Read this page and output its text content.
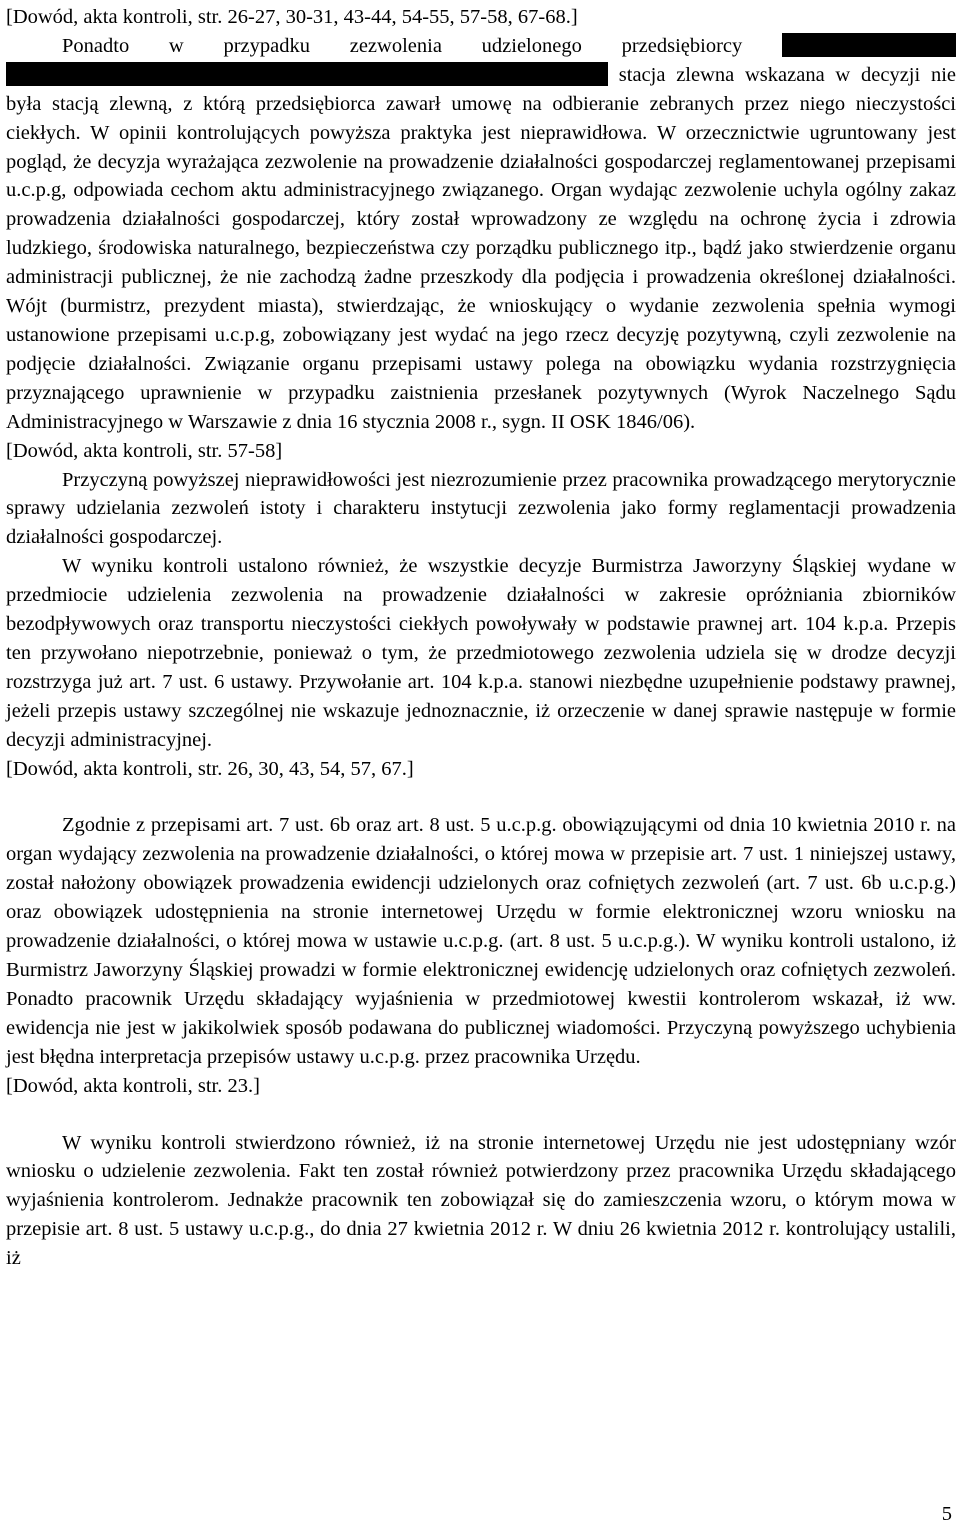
[Dowód, akta kontroli, str. 26-27, 30-31, 43-44, 54-55, 57-58, 67-68.]

Ponadto w przypadku zezwolenia udzielonego przedsiębiorcy   stacja zlewna wskazana w decyzji nie była stacją zlewną, z którą przedsiębiorca zawarł umowę na odbieranie zebranych przez niego nieczystości ciekłych. W opinii kontrolujących powyższa praktyka jest nieprawidłowa. W orzecznictwie ugruntowany jest pogląd, że decyzja wyrażająca zezwolenie na prowadzenie działalności gospodarczej reglamentowanej przepisami u.c.p.g, odpowiada cechom aktu administracyjnego związanego. Organ wydając zezwolenie uchyla ogólny zakaz prowadzenia działalności gospodarczej, który został wprowadzony ze względu na ochronę życia i zdrowia ludzkiego, środowiska naturalnego, bezpieczeństwa czy porządku publicznego itp., bądź jako stwierdzenie organu administracji publicznej, że nie zachodzą żadne przeszkody dla podjęcia i prowadzenia określonej działalności. Wójt (burmistrz, prezydent miasta), stwierdzając, że wnioskujący o wydanie zezwolenia spełnia wymogi ustanowione przepisami u.c.p.g, zobowiązany jest wydać na jego rzecz decyzję pozytywną, czyli zezwolenie na podjęcie działalności. Związanie organu przepisami ustawy polega na obowiązku wydania rozstrzygnięcia przyznającego uprawnienie w przypadku zaistnienia przesłanek pozytywnych (Wyrok Naczelnego Sądu Administracyjnego w Warszawie z dnia 16 stycznia 2008 r., sygn. II OSK 1846/06).

[Dowód, akta kontroli, str. 57-58]

Przyczyną powyższej nieprawidłowości jest niezrozumienie przez pracownika prowadzącego merytorycznie sprawy udzielania zezwoleń istoty i charakteru instytucji zezwolenia jako formy reglamentacji prowadzenia działalności gospodarczej.

W wyniku kontroli ustalono również, że wszystkie decyzje Burmistrza Jaworzyny Śląskiej wydane w przedmiocie udzielenia zezwolenia na prowadzenie działalności w zakresie opróżniania zbiorników bezodpływowych oraz transportu nieczystości ciekłych powoływały w podstawie prawnej art. 104 k.p.a. Przepis ten przywołano niepotrzebnie, ponieważ o tym, że przedmiotowego zezwolenia udziela się w drodze decyzji rozstrzyga już art. 7 ust. 6 ustawy. Przywołanie art. 104 k.p.a. stanowi niezbędne uzupełnienie podstawy prawnej, jeżeli przepis ustawy szczególnej nie wskazuje jednoznacznie, iż orzeczenie w danej sprawie następuje w formie decyzji administracyjnej.

[Dowód, akta kontroli, str. 26, 30, 43, 54, 57, 67.]

Zgodnie z przepisami art. 7 ust. 6b oraz art. 8 ust. 5 u.c.p.g. obowiązującymi od dnia 10 kwietnia 2010 r. na organ wydający zezwolenia na prowadzenie działalności, o której mowa w przepisie art. 7 ust. 1 niniejszej ustawy, został nałożony obowiązek prowadzenia ewidencji udzielonych oraz cofniętych zezwoleń (art. 7 ust. 6b u.c.p.g.) oraz obowiązek udostępnienia na stronie internetowej Urzędu w formie elektronicznej wzoru wniosku na prowadzenie działalności, o której mowa w ustawie u.c.p.g. (art. 8 ust. 5 u.c.p.g.). W wyniku kontroli ustalono, iż Burmistrz Jaworzyny Śląskiej prowadzi w formie elektronicznej ewidencję udzielonych oraz cofniętych zezwoleń. Ponadto pracownik Urzędu składający wyjaśnienia w przedmiotowej kwestii kontrolerom wskazał, iż ww. ewidencja nie jest w jakikolwiek sposób podawana do publicznej wiadomości. Przyczyną powyższego uchybienia jest błędna interpretacja przepisów ustawy u.c.p.g. przez pracownika Urzędu.

[Dowód, akta kontroli, str. 23.]

W wyniku kontroli stwierdzono również, iż na stronie internetowej Urzędu nie jest udostępniany wzór wniosku o udzielenie zezwolenia. Fakt ten został również potwierdzony przez pracownika Urzędu składającego wyjaśnienia kontrolerom. Jednakże pracownik ten zobowiązał się do zamieszczenia wzoru, o którym mowa w przepisie art. 8 ust. 5 ustawy u.c.p.g., do dnia 27 kwietnia 2012 r. W dniu 26 kwietnia 2012 r. kontrolujący ustalili, iż

5
